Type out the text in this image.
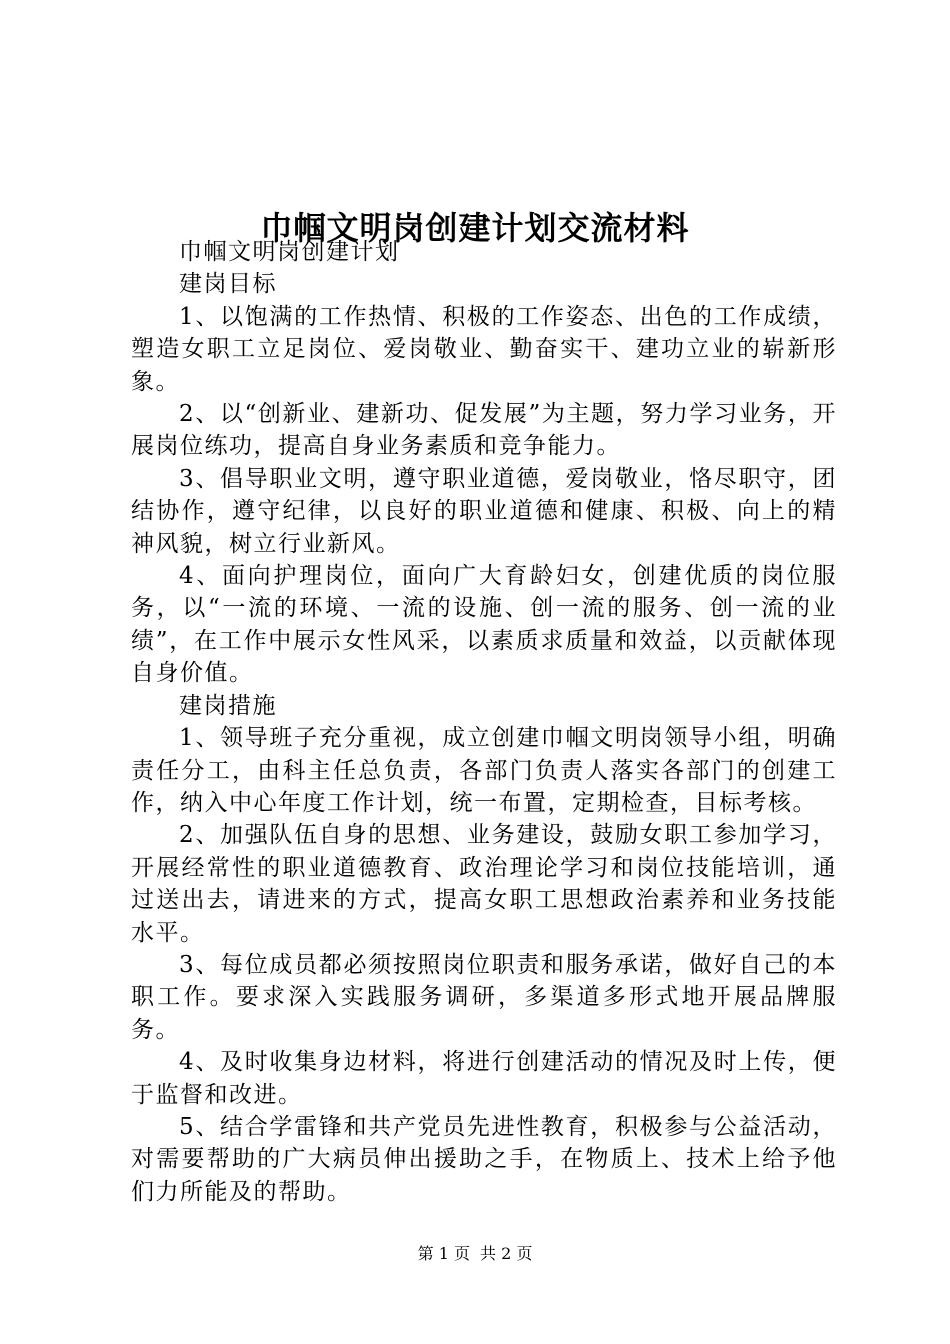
巾帼文明岗创建计划交流材料

巾帼文明岗创建计划

建岗目标

1、以饱满的工作热情、积极的工作姿态、出色的工作成绩，塑造女职工立足岗位、爱岗敬业、勤奋实干、建功立业的崭新形象。

2、以“创新业、建新功、促发展”为主题，努力学习业务，开展岗位练功，提高自身业务素质和竞争能力。

3、倡导职业文明，遵守职业道德，爱岗敬业，恪尽职守，团结协作，遵守纪律，以良好的职业道德和健康、积极、向上的精神风貌，树立行业新风。

4、面向护理岗位，面向广大育龄妇女，创建优质的岗位服务，以“一流的环境、一流的设施、创一流的服务、创一流的业绩”，在工作中展示女性风采，以素质求质量和效益，以贡献体现自身价值。

建岗措施

1、领导班子充分重视，成立创建巾帼文明岗领导小组，明确责任分工，由科主任总负责，各部门负责人落实各部门的创建工作，纳入中心年度工作计划，统一布置，定期检查，目标考核。

2、加强队伍自身的思想、业务建设，鼓励女职工参加学习，开展经常性的职业道德教育、政治理论学习和岗位技能培训，通过送出去，请进来的方式，提高女职工思想政治素养和业务技能水平。

3、每位成员都必须按照岗位职责和服务承诺，做好自己的本职工作。要求深入实践服务调研，多渠道多形式地开展品牌服务。

4、及时收集身边材料，将进行创建活动的情况及时上传，便于监督和改进。

5、结合学雷锋和共产党员先进性教育，积极参与公益活动，对需要帮助的广大病员伸出援助之手，在物质上、技术上给予他们力所能及的帮助。

第 1 页 共 2 页
